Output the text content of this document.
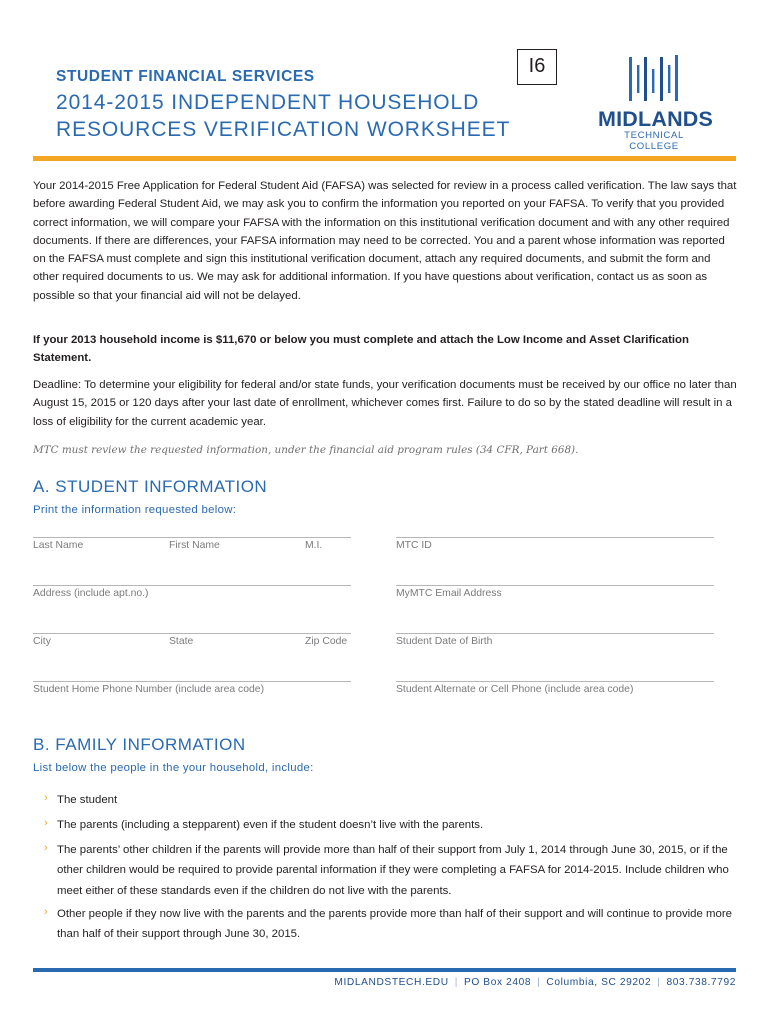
STUDENT FINANCIAL SERVICES
2014-2015 INDEPENDENT HOUSEHOLD
RESOURCES VERIFICATION WORKSHEET
I6
MIDLANDS
TECHNICAL COLLEGE
Your 2014-2015 Free Application for Federal Student Aid (FAFSA) was selected for review in a process called verification. The law says that before awarding Federal Student Aid, we may ask you to confirm the information you reported on your FAFSA. To verify that you provided correct information, we will compare your FAFSA with the information on this institutional verification document and with any other required documents. If there are differences, your FAFSA information may need to be corrected. You and a parent whose information was reported on the FAFSA must complete and sign this institutional verification document, attach any required documents, and submit the form and other required documents to us. We may ask for additional information. If you have questions about verification, contact us as soon as possible so that your financial aid will not be delayed.
If your 2013 household income is $11,670 or below you must complete and attach the Low Income and Asset Clarification Statement.
Deadline: To determine your eligibility for federal and/or state funds, your verification documents must be received by our office no later than August 15, 2015 or 120 days after your last date of enrollment, whichever comes first. Failure to do so by the stated deadline will result in a loss of eligibility for the current academic year.
MTC must review the requested information, under the financial aid program rules (34 CFR, Part 668).
A. STUDENT INFORMATION
Print the information requested below:
Last Name	First Name	M.I.	MTC ID
Address (include apt.no.)	MyMTC Email Address
City	State	Zip Code	Student Date of Birth
Student Home Phone Number (include area code)	Student Alternate or Cell Phone (include area code)
B. FAMILY INFORMATION
List below the people in the your household, include:
› The student
› The parents (including a stepparent) even if the student doesn’t live with the parents.
› The parents’ other children if the parents will provide more than half of their support from July 1, 2014 through June 30, 2015, or if the other children would be required to provide parental information if they were completing a FAFSA for 2014-2015. Include children who meet either of these standards even if the children do not live with the parents.
› Other people if they now live with the parents and the parents provide more than half of their support and will continue to provide more than half of their support through June 30, 2015.
MIDLANDSTECH.EDU | PO Box 2408 | Columbia, SC 29202 | 803.738.7792
